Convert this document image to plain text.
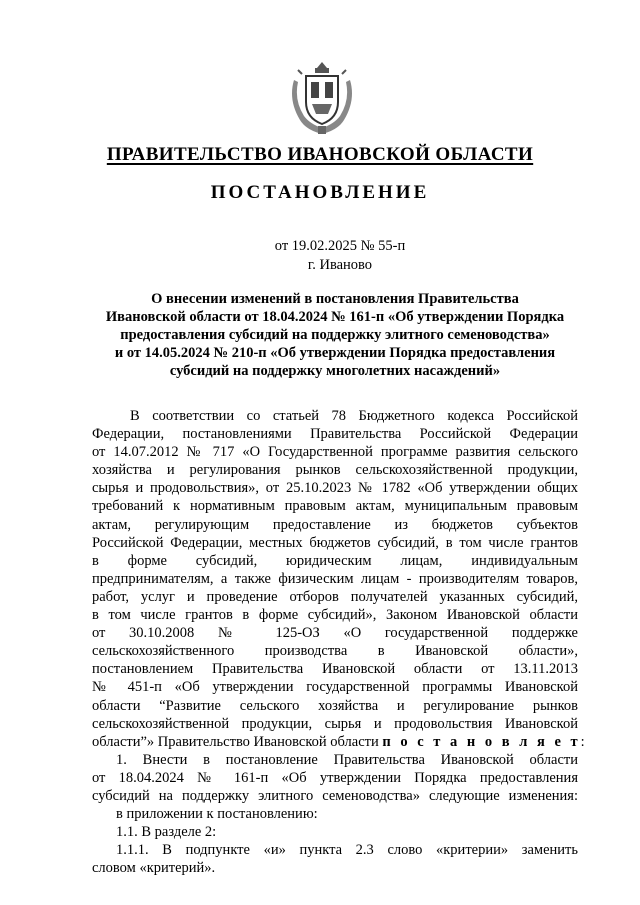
ПРАВИТЕЛЬСТВО ИВАНОВСКОЙ ОБЛАСТИ
ПОСТАНОВЛЕНИЕ
от 19.02.2025 № 55-п
г. Иваново
О внесении изменений в постановления Правительства
Ивановской области от 18.04.2024 № 161-п «Об утверждении Порядка
предоставления субсидий на поддержку элитного семеноводства»
и от 14.05.2024 № 210-п «Об утверждении Порядка предоставления
субсидий на поддержку многолетних насаждений»
В соответствии со статьей 78 Бюджетного кодекса Российской
Федерации, постановлениями Правительства Российской Федерации
от 14.07.2012 № 717 «О Государственной программе развития сельского
хозяйства и регулирования рынков сельскохозяйственной продукции,
сырья и продовольствия», от 25.10.2023 № 1782 «Об утверждении общих
требований к нормативным правовым актам, муниципальным правовым
актам, регулирующим предоставление из бюджетов субъектов
Российской Федерации, местных бюджетов субсидий, в том числе грантов
в форме субсидий, юридическим лицам, индивидуальным
предпринимателям, а также физическим лицам - производителям товаров,
работ, услуг и проведение отборов получателей указанных субсидий,
в том числе грантов в форме субсидий», Законом Ивановской области
от 30.10.2008 № 125-ОЗ «О государственной поддержке
сельскохозяйственного производства в Ивановской области»,
постановлением Правительства Ивановской области от 13.11.2013
№ 451-п «Об утверждении государственной программы Ивановской
области “Развитие сельского хозяйства и регулирование рынков
сельскохозяйственной продукции, сырья и продовольствия Ивановской
области”» Правительство Ивановской области п о с т а н о в л я е т:
1. Внести в постановление Правительства Ивановской области
от 18.04.2024 № 161-п «Об утверждении Порядка предоставления
субсидий на поддержку элитного семеноводства» следующие изменения:
в приложении к постановлению:
1.1. В разделе 2:
1.1.1. В подпункте «и» пункта 2.3 слово «критерии» заменить
словом «критерий».
